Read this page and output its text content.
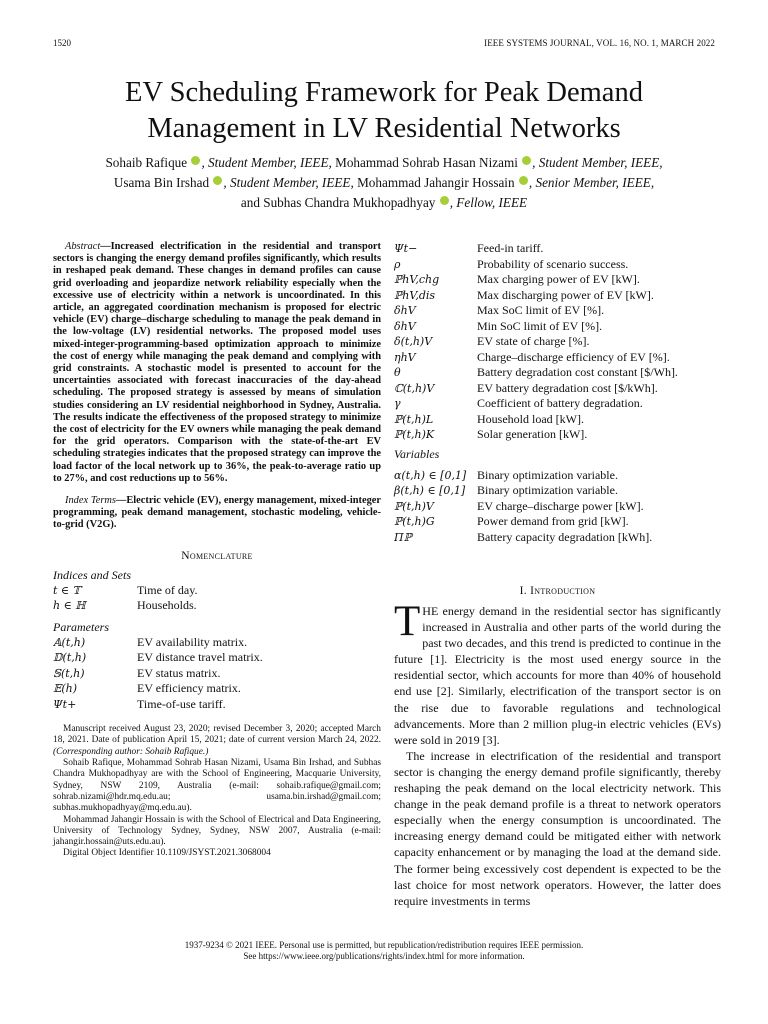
1520	IEEE SYSTEMS JOURNAL, VOL. 16, NO. 1, MARCH 2022
EV Scheduling Framework for Peak Demand
Management in LV Residential Networks
Sohaib Rafique , Student Member, IEEE, Mohammad Sohrab Hasan Nizami , Student Member, IEEE,
Usama Bin Irshad , Student Member, IEEE, Mohammad Jahangir Hossain , Senior Member, IEEE,
and Subhas Chandra Mukhopadhyay , Fellow, IEEE

Abstract—Increased electrification in the residential and transport sectors is changing the energy demand profiles significantly, which results in reshaped peak demand. These changes in demand profiles can cause grid overloading and jeopardize network reliability especially when the excessive use of electricity within a network is uncoordinated. In this article, an aggregated coordination mechanism is proposed for electric vehicle (EV) charge–discharge scheduling to manage the peak demand in the low-voltage (LV) residential networks. The proposed model uses mixed-integer-programming-based optimization approach to minimize the cost of energy while managing the peak demand and complying with grid constraints. A stochastic model is presented to account for the uncertainties associated with forecast inaccuracies of the day-ahead scheduling. The proposed strategy is assessed by means of simulation studies considering an LV residential neighborhood in Sydney, Australia. The results indicate the effectiveness of the proposed strategy to minimize the cost of electricity for the EV owners while managing the peak demand for the grid operators. Comparison with the state-of-the-art EV scheduling strategies indicates that the proposed strategy can improve the load factor of the local network up to 36%, the peak-to-average ratio up to 27%, and cost reductions up to 56%.

Index Terms—Electric vehicle (EV), energy management, mixed-integer programming, peak demand management, stochastic modeling, vehicle-to-grid (V2G).

Nomenclature

Indices and Sets

t ∈ 𝕋	Time of day.
h ∈ ℍ	Households.

Parameters

𝔸(t,h)	EV availability matrix.
𝔻(t,h)	EV distance travel matrix.
𝕊(t,h)	EV status matrix.
𝔼(h)	EV efficiency matrix.
Ψt+	Time-of-use tariff.

Manuscript received August 23, 2020; revised December 3, 2020; accepted March 18, 2021. Date of publication April 15, 2021; date of current version March 24, 2022. (Corresponding author: Sohaib Rafique.)

Sohaib Rafique, Mohammad Sohrab Hasan Nizami, Usama Bin Irshad, and Subhas Chandra Mukhopadhyay are with the School of Engineering, Macquarie University, Sydney, NSW 2109, Australia (e-mail: sohaib.rafique@gmail.com; sohrab.nizami@hdr.mq.edu.au; usama.bin.irshad@gmail.com; subhas.mukhopadhyay@mq.edu.au).

Mohammad Jahangir Hossain is with the School of Electrical and Data Engineering, University of Technology Sydney, Sydney, NSW 2007, Australia (e-mail: jahangir.hossain@uts.edu.au).

Digital Object Identifier 10.1109/JSYST.2021.3068004

Ψt−	Feed-in tariff.
ρ	Probability of scenario success.
ℙhV,chg	Max charging power of EV [kW].
ℙhV,dis	Max discharging power of EV [kW].
δhV	Max SoC limit of EV [%].
δhV	Min SoC limit of EV [%].
δ(t,h)V	EV state of charge [%].
ηhV	Charge–discharge efficiency of EV [%].
θ	Battery degradation cost constant [$/Wh].
ℂ(t,h)V	EV battery degradation cost [$/kWh].
γ	Coefficient of battery degradation.
ℙ(t,h)L	Household load [kW].
ℙ(t,h)K	Solar generation [kW].

Variables

α(t,h) ∈ [0,1]	Binary optimization variable.
β(t,h) ∈ [0,1]	Binary optimization variable.
ℙ(t,h)V	EV charge–discharge power [kW].
ℙ(t,h)G	Power demand from grid [kW].
Πℙ	Battery capacity degradation [kWh].

I. Introduction

THE energy demand in the residential sector has significantly increased in Australia and other parts of the world during the past two decades, and this trend is predicted to continue in the future [1]. Electricity is the most used energy source in the residential sector, which accounts for more than 40% of household end use [2]. Similarly, electrification of the transport sector is on the rise due to favorable regulations and technological advancements. More than 2 million plug-in electric vehicles (EVs) were sold in 2019 [3].

The increase in electrification of the residential and transport sector is changing the energy demand profile significantly, thereby reshaping the peak demand on the local electricity network. This change in the peak demand profile is a threat to network operators especially when the energy consumption is uncoordinated. The increasing energy demand could be mitigated either with network capacity enhancement or by managing the load at the demand side. The former being excessively cost dependent is expected to be the last choice for most network operators. However, the latter does require investments in terms

1937-9234 © 2021 IEEE. Personal use is permitted, but republication/redistribution requires IEEE permission.
See https://www.ieee.org/publications/rights/index.html for more information.
